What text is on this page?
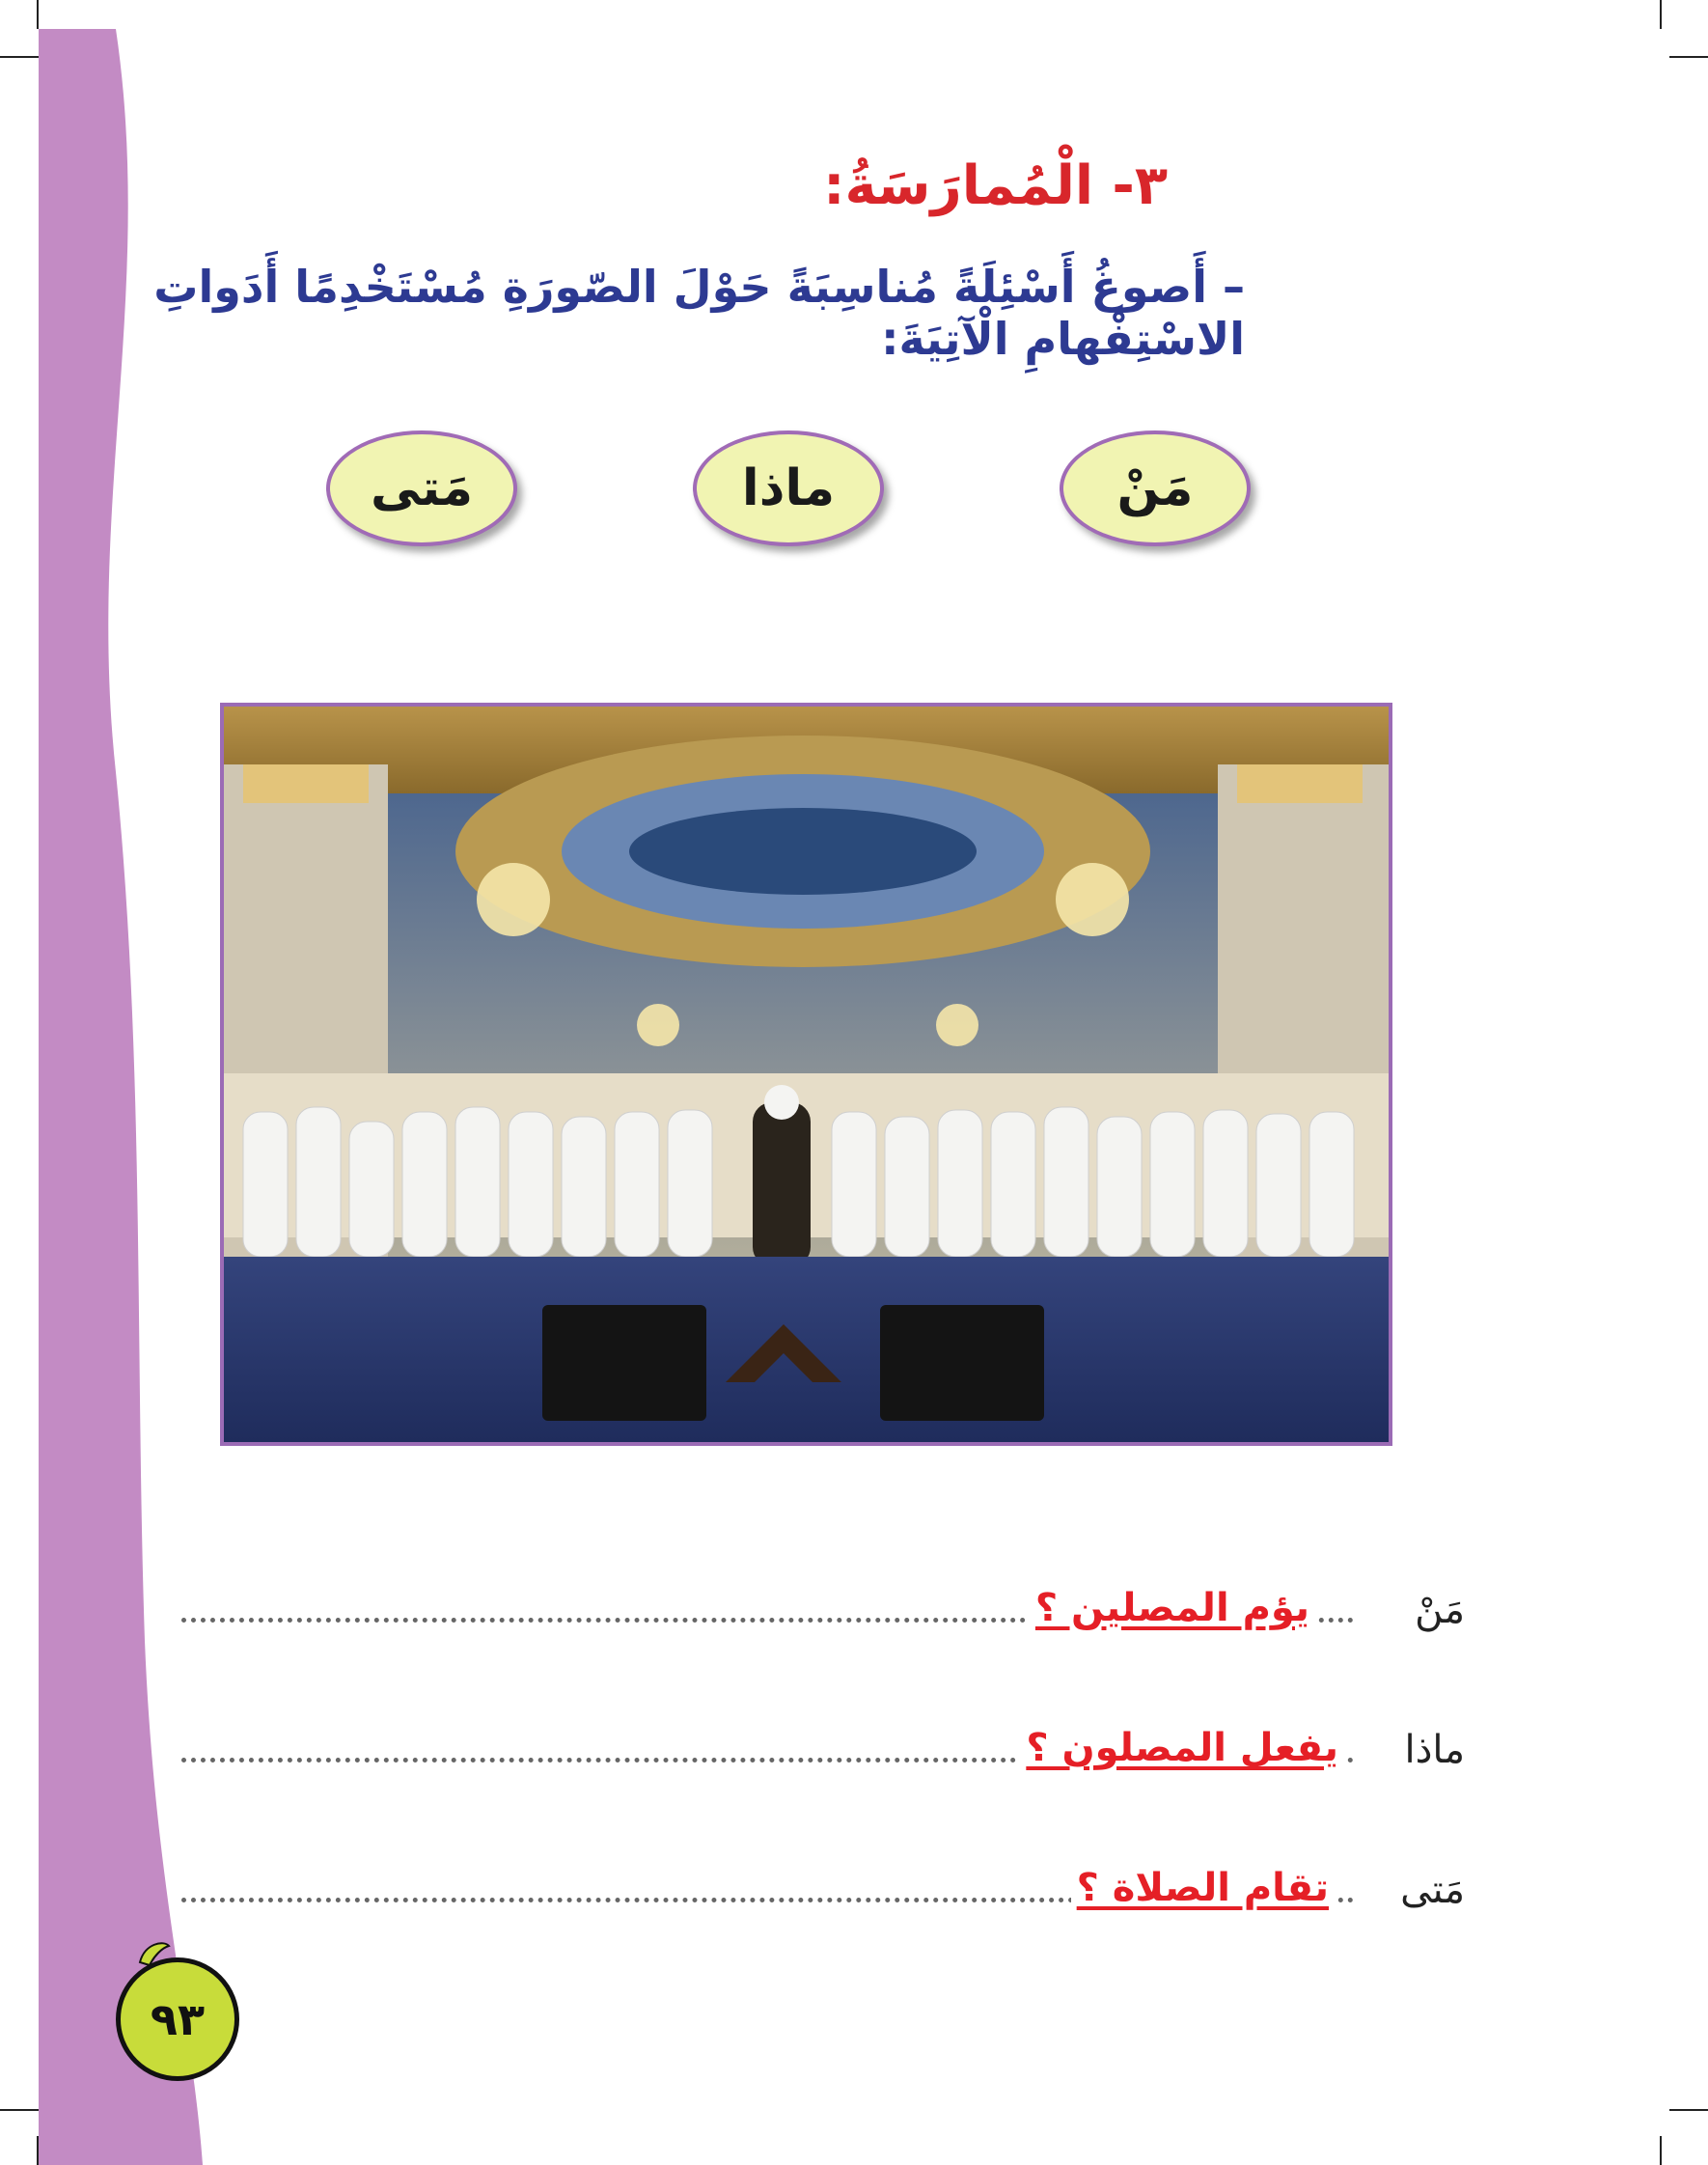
٣- الْمُمارَسَةُ:
– أَصوغُ أَسْئِلَةً مُناسِبَةً حَوْلَ الصّورَةِ مُسْتَخْدِمًا أَدَواتِ الاسْتِفْهامِ الْآتِيَةَ:
مَنْ
ماذا
مَتى
مَنْ
يؤم المصلين ؟
ماذا
يفعل المصلون ؟
مَتى
تقام الصلاة ؟
٩٣
